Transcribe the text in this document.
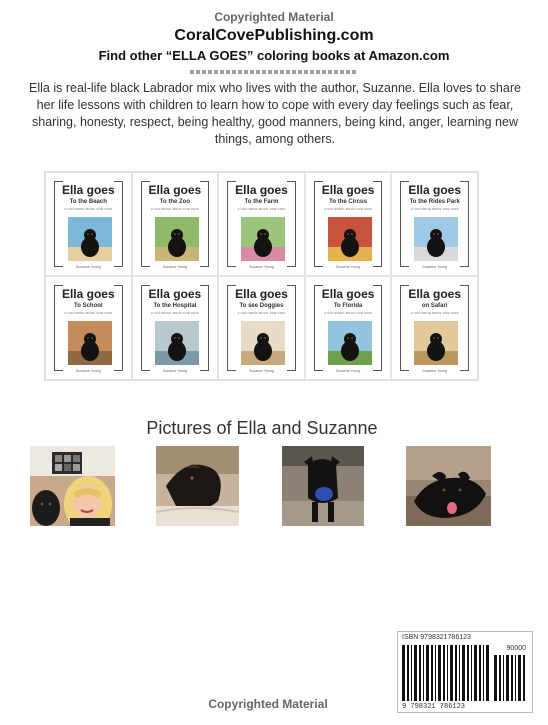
Copyrighted Material
CoralCovePublishing.com
Find other “ELLA GOES” coloring books at Amazon.com
Ella is real-life black Labrador mix who lives with the author, Suzanne. Ella loves to share her life lessons with children to learn how to cope with every day feelings such as fear, sharing, honesty, respect, being healthy, good manners, being kind, anger, learning new things, among others.
Ella goes
To the Beach
A COLORING BOOK FOR KIDS
Suzanne Young
Ella goes
To the Zoo
A COLORING BOOK FOR KIDS
Suzanne Young
Ella goes
To the Farm
A COLORING BOOK FOR KIDS
Suzanne Young
Ella goes
To the Circus
A COLORING BOOK FOR KIDS
Suzanne Young
Ella goes
To the Rides Park
A COLORING BOOK FOR KIDS
Suzanne Young
Ella goes
To School
A COLORING BOOK FOR KIDS
Suzanne Young
Ella goes
To the Hospital
A COLORING BOOK FOR KIDS
Suzanne Young
Ella goes
To see Doggies
A COLORING BOOK FOR KIDS
Suzanne Young
Ella goes
To Florida
A COLORING BOOK FOR KIDS
Suzanne Young
Ella goes
on Safari
A COLORING BOOK FOR KIDS
Suzanne Young
Pictures of Ella and Suzanne
ISBN 9798321786123
90000
9 798321 786123
Copyrighted Material
